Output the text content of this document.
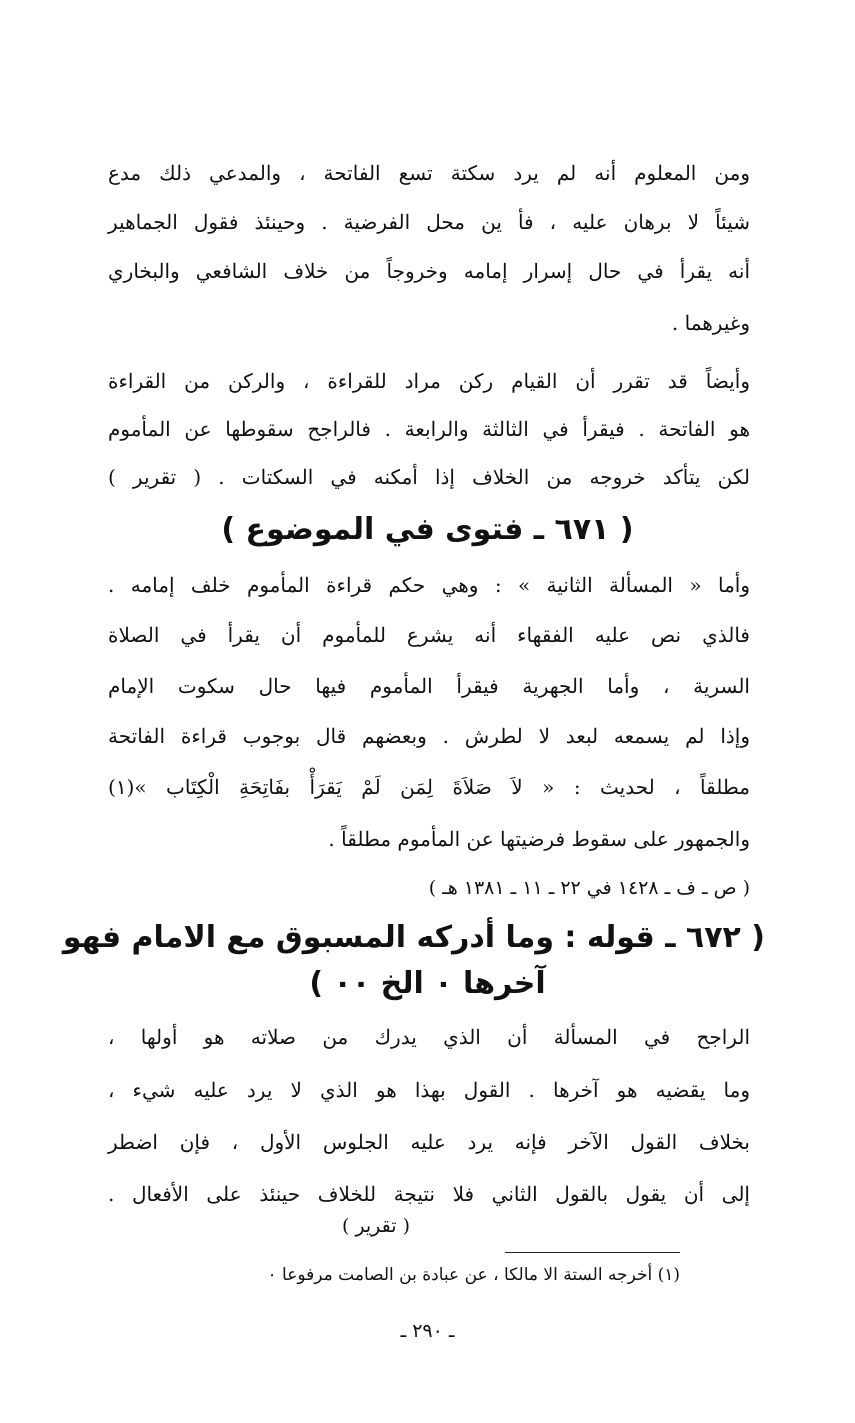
ومن المعلوم أنه لم يرد سكتة تسع الفاتحة ، والمدعي ذلك مدع
شيئاً لا برهان عليه ، فأ ين محل الفرضية . وحينئذ فقول الجماهير
أنه يقرأ في حال إسرار إمامه وخروجاً من خلاف الشافعي والبخاري
وغيرهما .
وأيضاً قد تقرر أن القيام ركن مراد للقراءة ، والركن من القراءة
هو الفاتحة . فيقرأ في الثالثة والرابعة . فالراجح سقوطها عن المأموم
لكن يتأكد خروجه من الخلاف إذا أمكنه في السكتات . ( تقرير )
( ٦٧١ ـ فتوى في الموضوع )
وأما « المسألة الثانية » : وهي حكم قراءة المأموم خلف إمامه .
فالذي نص عليه الفقهاء أنه يشرع للمأموم أن يقرأ في الصلاة
السرية ، وأما الجهرية فيقرأ المأموم فيها حال سكوت الإمام
وإذا لم يسمعه لبعد لا لطرش . وبعضهم قال بوجوب قراءة الفاتحة
مطلقاً ، لحديث : « لاَ صَلاَةَ لِمَن لَمْ يَقرَأْ بفَاتِحَةِ الْكِتَاب »(١)
والجمهور على سقوط فرضيتها عن المأموم مطلقاً .
( ص ـ ف ـ ١٤٢٨ في ٢٢ ـ ١١ ـ ١٣٨١ هـ )
( ٦٧٢ ـ قوله : وما أدركه المسبوق مع الامام فهو
آخرها ٠ الخ ٠٠ )
الراجح في المسألة أن الذي يدرك من صلاته هو أولها ،
وما يقضيه هو آخرها . القول بهذا هو الذي لا يرد عليه شيء ،
بخلاف القول الآخر فإنه يرد عليه الجلوس الأول ، فإن اضطر
إلى أن يقول بالقول الثاني فلا نتيجة للخلاف حينئذ على الأفعال .
( تقرير )
(١) أخرجه الستة الا مالكا ، عن عبادة بن الصامت مرفوعا ٠
ـ ٢٩٠ ـ
